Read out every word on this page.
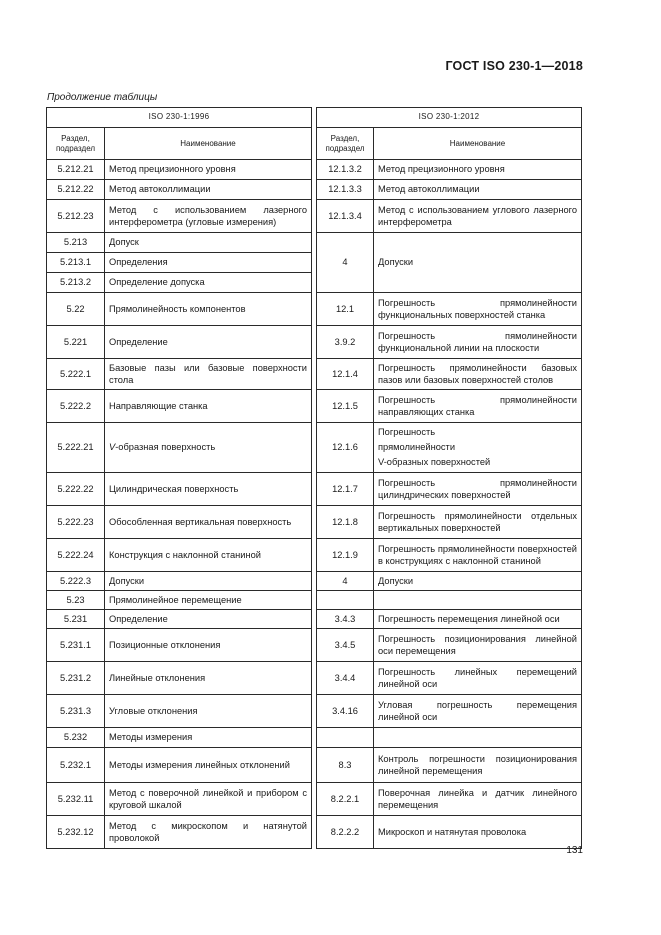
ГОСТ ISO 230-1—2018
Продолжение таблицы
ISO 230-1:1996			ISO 230-1:2012	
Раздел, подраздел	Наименование		Раздел, подраздел	Наименование
5.212.21	Метод прецизионного уровня		12.1.3.2	Метод прецизионного уровня
5.212.22	Метод автоколлимации		12.1.3.3	Метод автоколлимации
5.212.23	Метод с использованием лазерного интерферометра (угловые измерения)		12.1.3.4	Метод с использованием углового лазерного интерферометра
5.213	Допуск		4	Допуски
5.213.1	Определения			
5.213.2	Определение допуска			
5.22	Прямолинейность компонентов		12.1	Погрешность прямолинейности функциональных поверхностей станка
5.221	Определение		3.9.2	Погрешность пямолинейности функциональной линии на плоскости
5.222.1	Базовые пазы или базовые поверхности стола		12.1.4	Погрешность прямолинейности базовых пазов или базовых поверхностей столов
5.222.2	Направляющие станка		12.1.5	Погрешность прямолинейности направляющих станка
5.222.21	V-образная поверхность		12.1.6	Погрешность
прямолинейности
V-образных поверхностей

5.222.22	Цилиндрическая поверхность		12.1.7	Погрешность прямолинейности цилиндрических поверхностей
5.222.23	Обособленная вертикальная поверхность		12.1.8	Погрешность прямолинейности отдельных вертикальных поверхностей
5.222.24	Конструкция с наклонной станиной		12.1.9	Погрешность прямолинейности поверхностей в конструкциях с наклонной станиной
5.222.3	Допуски		4	Допуски
5.23	Прямолинейное перемещение			
5.231	Определение		3.4.3	Погрешность перемещения линейной оси
5.231.1	Позиционные отклонения		3.4.5	Погрешность позиционирования линейной оси перемещения
5.231.2	Линейные отклонения		3.4.4	Погрешность линейных перемещений линейной оси
5.231.3	Угловые отклонения		3.4.16	Угловая погрешность перемещения линейной оси
5.232	Методы измерения			
5.232.1	Методы измерения линейных отклонений		8.3	Контроль погрешности позиционирования линейной перемещения
5.232.11	Метод с поверочной линейкой и прибором с круговой шкалой		8.2.2.1	Поверочная линейка и датчик линейного перемещения
5.232.12	Метод с микроскопом и натянутой проволокой		8.2.2.2	Микроскоп и натянутая проволока
131
